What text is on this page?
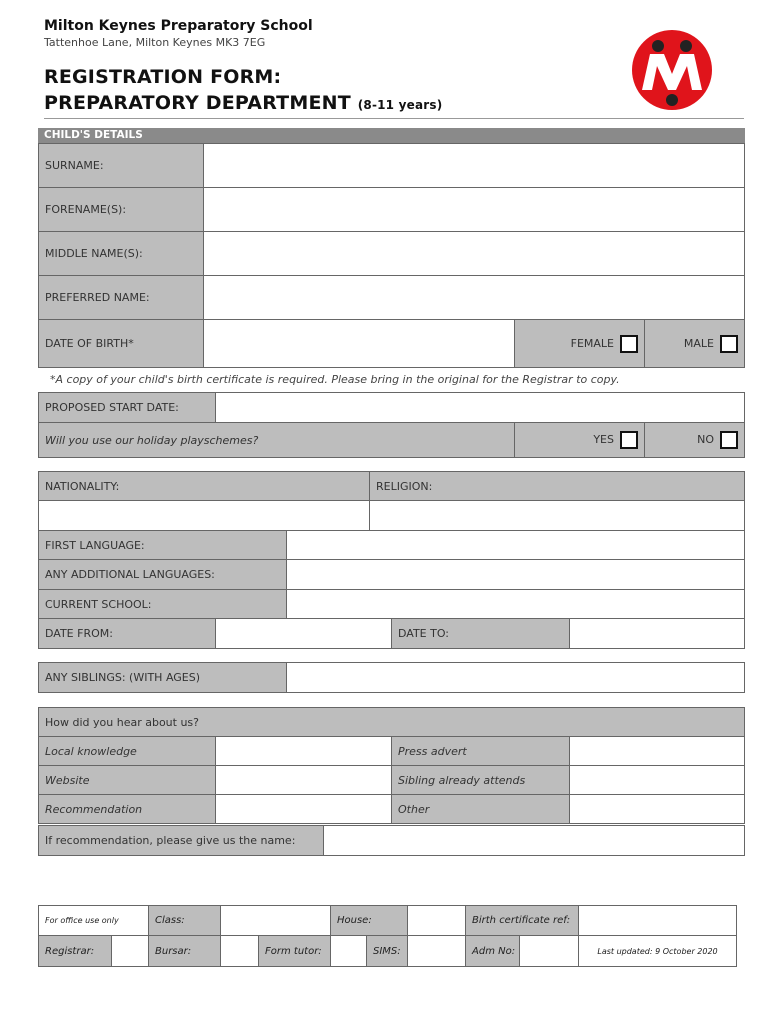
Milton Keynes Preparatory School
Tattenhoe Lane, Milton Keynes MK3 7EG
REGISTRATION FORM:
PREPARATORY DEPARTMENT (8-11 years)
CHILD'S DETAILS
SURNAME:	
FORENAME(S):	
MIDDLE NAME(S):	
PREFERRED NAME:	
DATE OF BIRTH*		FEMALE	MALE
*A copy of your child's birth certificate is required. Please bring in the original for the Registrar to copy.
PROPOSED START DATE:			
Will you use our holiday playschemes?		YES	NO
NATIONALITY:	RELIGION:

FIRST LANGUAGE:	
ANY ADDITIONAL LANGUAGES:	
CURRENT SCHOOL:	
DATE FROM:		DATE TO:	
ANY SIBLINGS: (WITH AGES)	
How did you hear about us?			
Local knowledge		Press advert	
Website		Sibling already attends	
Recommendation		Other	
If recommendation, please give us the name:	
For office use only		Class:			House:			Birth certificate ref:		
Registrar:		Bursar:		Form tutor:		SIMS:		Adm No:		Last updated: 9 October 2020
